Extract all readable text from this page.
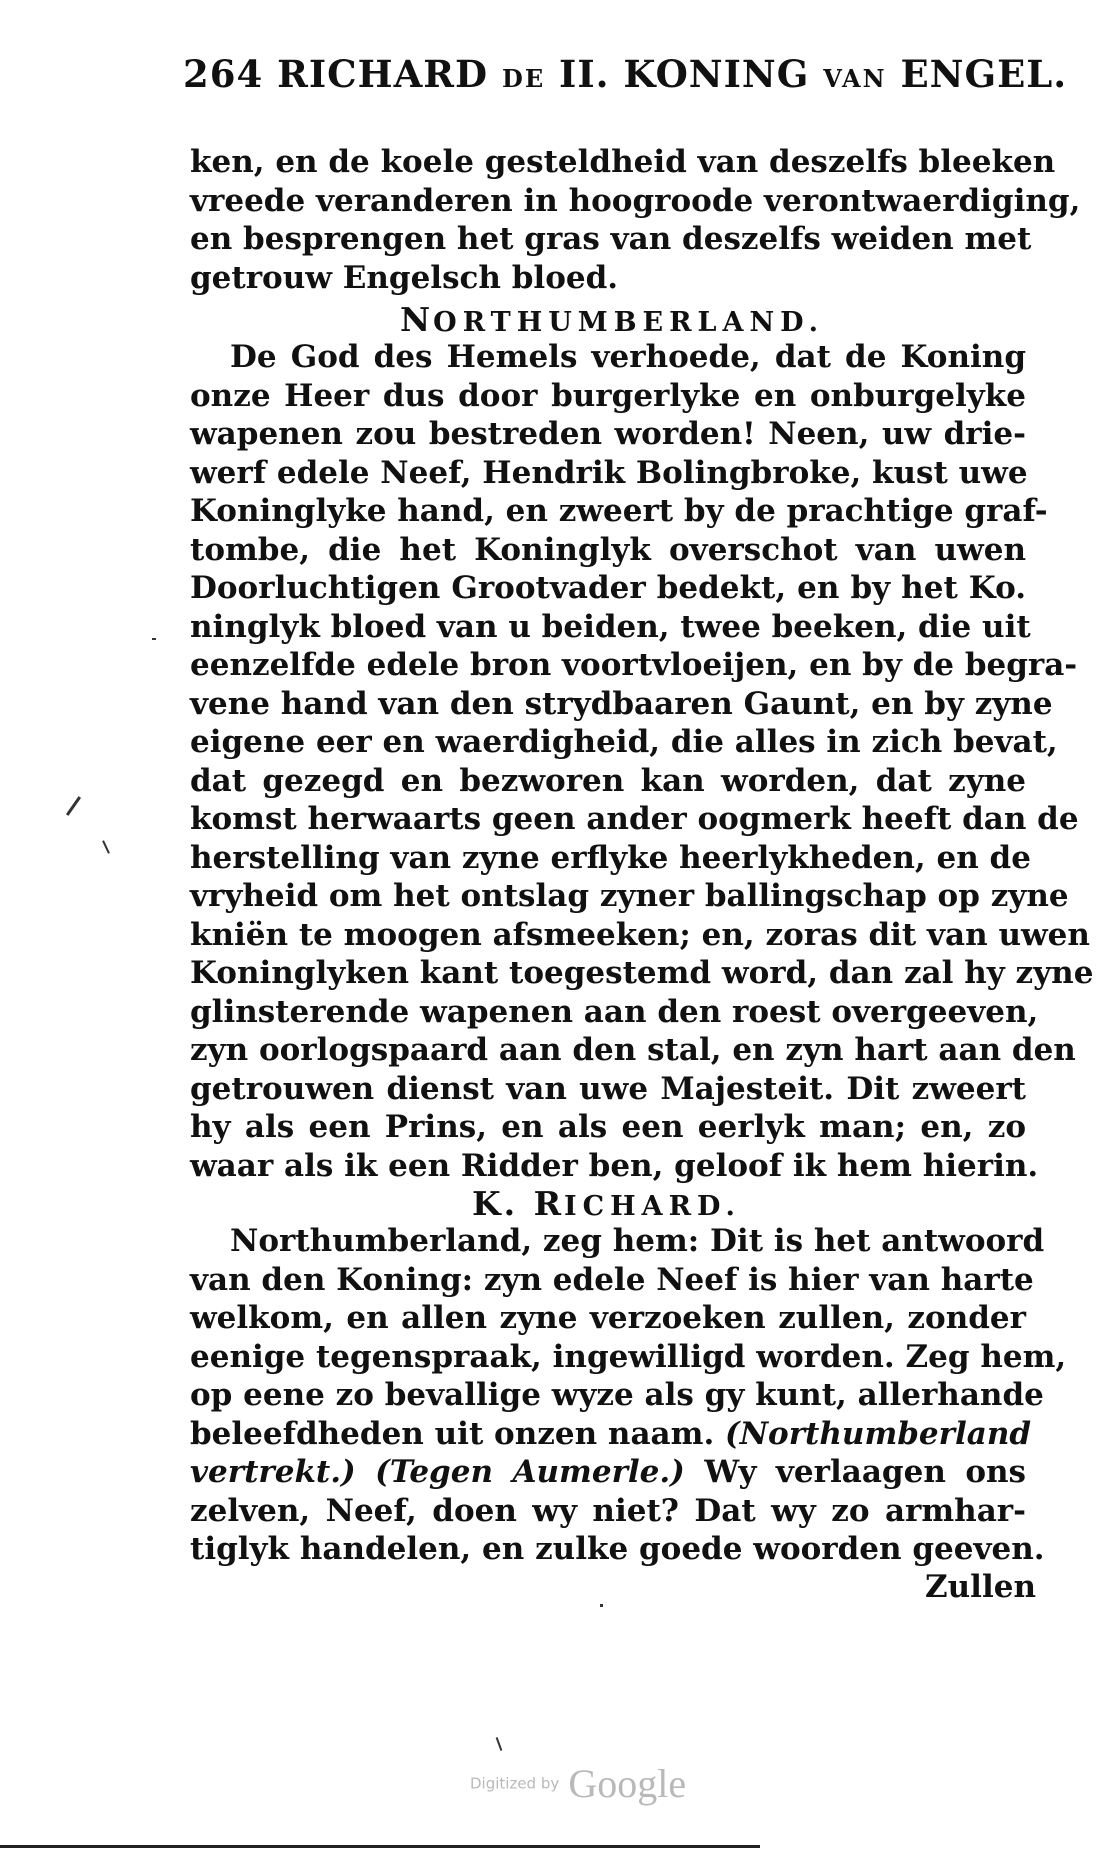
264 RICHARD DE II. KONING VAN ENGEL.
ken, en de koele gesteldheid van deszelfs bleeken
vreede veranderen in hoogroode verontwaerdiging,
en besprengen het gras van deszelfs weiden met
getrouw Engelsch bloed.
NORTHUMBERLAND.
De God des Hemels verhoede, dat de Koning
onze Heer dus door burgerlyke en onburgelyke
wapenen zou bestreden worden! Neen, uw drie-
werf edele Neef, Hendrik Bolingbroke, kust uwe
Koninglyke hand, en zweert by de prachtige graf-
tombe, die het Koninglyk overschot van uwen
Doorluchtigen Grootvader bedekt, en by het Ko.
ninglyk bloed van u beiden, twee beeken, die uit
eenzelfde edele bron voortvloeijen, en by de begra-
vene hand van den strydbaaren Gaunt, en by zyne
eigene eer en waerdigheid, die alles in zich bevat,
dat gezegd en bezworen kan worden, dat zyne
komst herwaarts geen ander oogmerk heeft dan de
herstelling van zyne erflyke heerlykheden, en de
vryheid om het ontslag zyner ballingschap op zyne
kniën te moogen afsmeeken; en, zoras dit van uwen
Koninglyken kant toegestemd word, dan zal hy zyne
glinsterende wapenen aan den roest overgeeven,
zyn oorlogspaard aan den stal, en zyn hart aan den
getrouwen dienst van uwe Majesteit. Dit zweert
hy als een Prins, en als een eerlyk man; en, zo
waar als ik een Ridder ben, geloof ik hem hierin.
K. RICHARD.
Northumberland, zeg hem: Dit is het antwoord
van den Koning: zyn edele Neef is hier van harte
welkom, en allen zyne verzoeken zullen, zonder
eenige tegenspraak, ingewilligd worden. Zeg hem,
op eene zo bevallige wyze als gy kunt, allerhande
beleefdheden uit onzen naam. (Northumberland
vertrekt.) (Tegen Aumerle.) Wy verlaagen ons
zelven, Neef, doen wy niet? Dat wy zo armhar-
tiglyk handelen, en zulke goede woorden geeven.
Zullen
Digitized by Google
